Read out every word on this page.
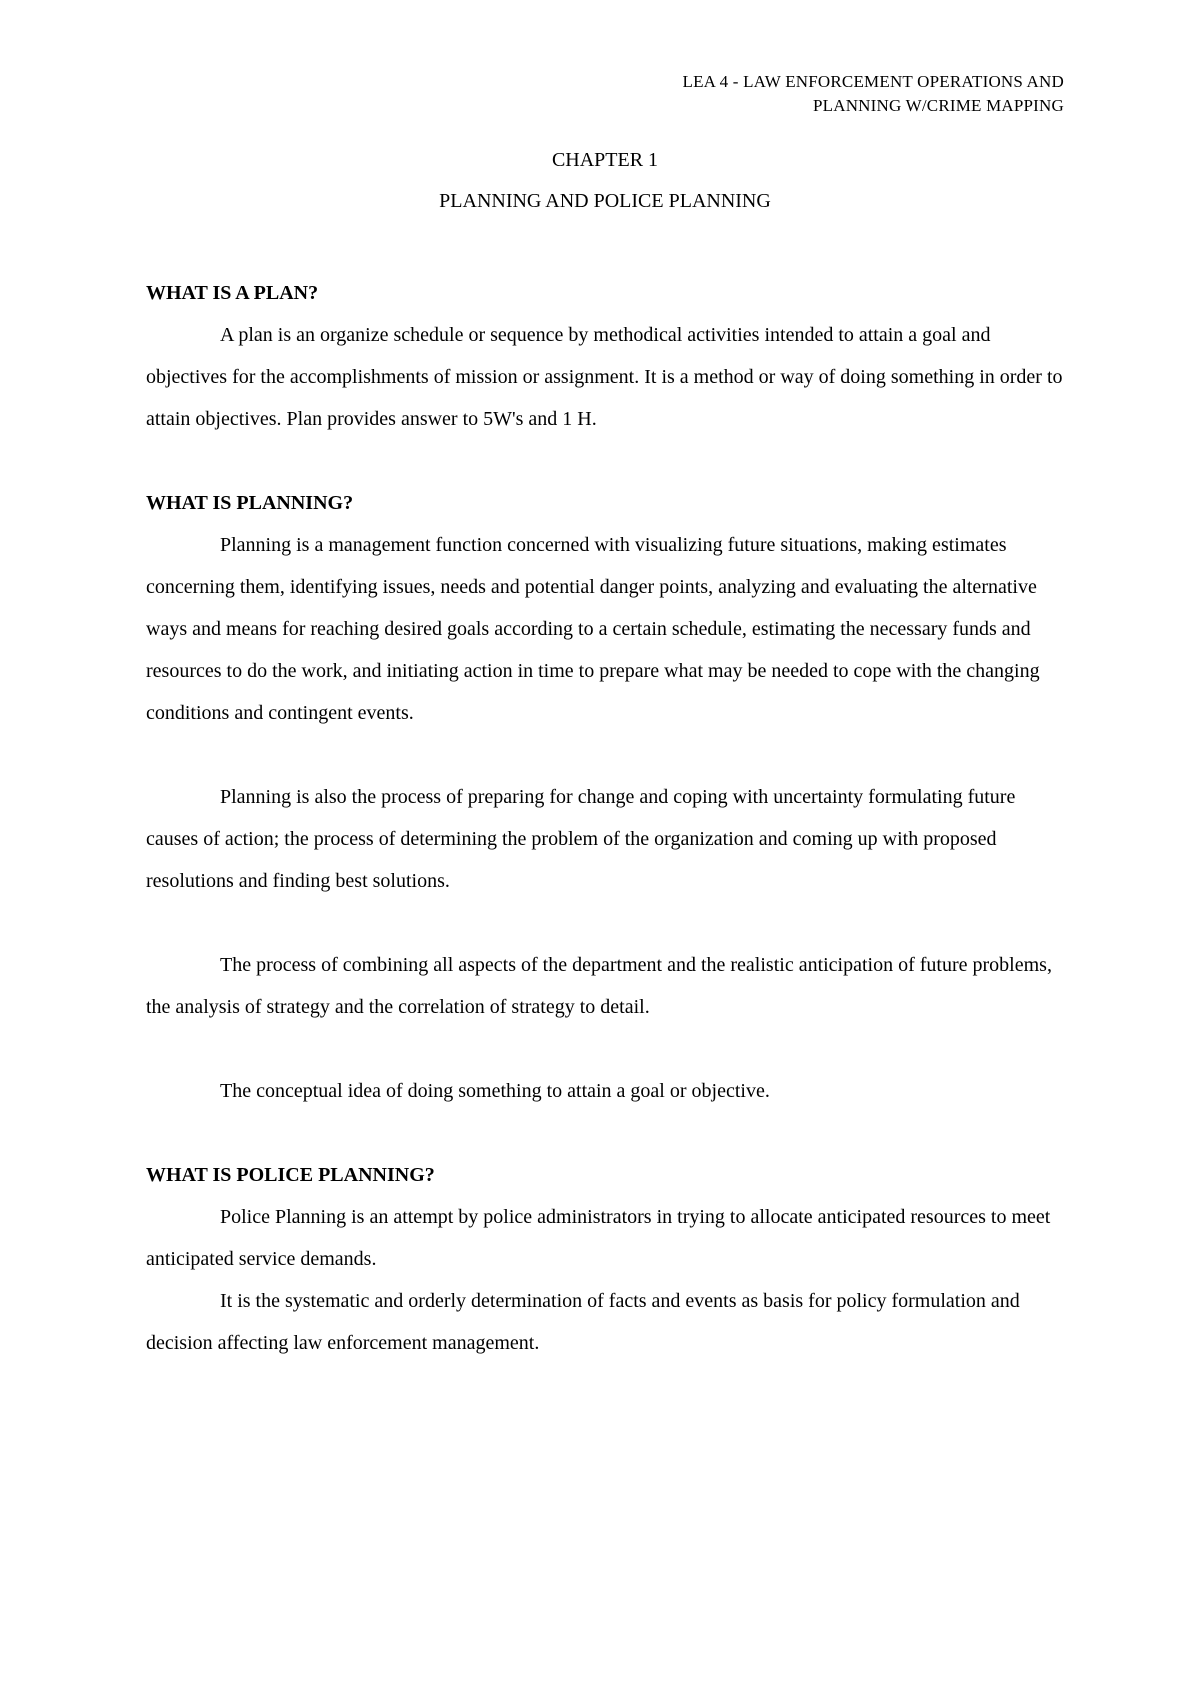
LEA 4 - LAW ENFORCEMENT OPERATIONS AND
PLANNING W/CRIME MAPPING
CHAPTER 1
PLANNING AND POLICE PLANNING
WHAT IS A PLAN?

A plan is an organize schedule or sequence by methodical activities intended to attain a goal and objectives for the accomplishments of mission or assignment. It is a method or way of doing something in order to attain objectives. Plan provides answer to 5W's and 1 H.

WHAT IS PLANNING?

Planning is a management function concerned with visualizing future situations, making estimates concerning them, identifying issues, needs and potential danger points, analyzing and evaluating the alternative ways and means for reaching desired goals according to a certain schedule, estimating the necessary funds and resources to do the work, and initiating action in time to prepare what may be needed to cope with the changing conditions and contingent events.

Planning is also the process of preparing for change and coping with uncertainty formulating future causes of action; the process of determining the problem of the organization and coming up with proposed resolutions and finding best solutions.

The process of combining all aspects of the department and the realistic anticipation of future problems, the analysis of strategy and the correlation of strategy to detail.

The conceptual idea of doing something to attain a goal or objective.

WHAT IS POLICE PLANNING?

Police Planning is an attempt by police administrators in trying to allocate anticipated resources to meet anticipated service demands.

It is the systematic and orderly determination of facts and events as basis for policy formulation and decision affecting law enforcement management.
